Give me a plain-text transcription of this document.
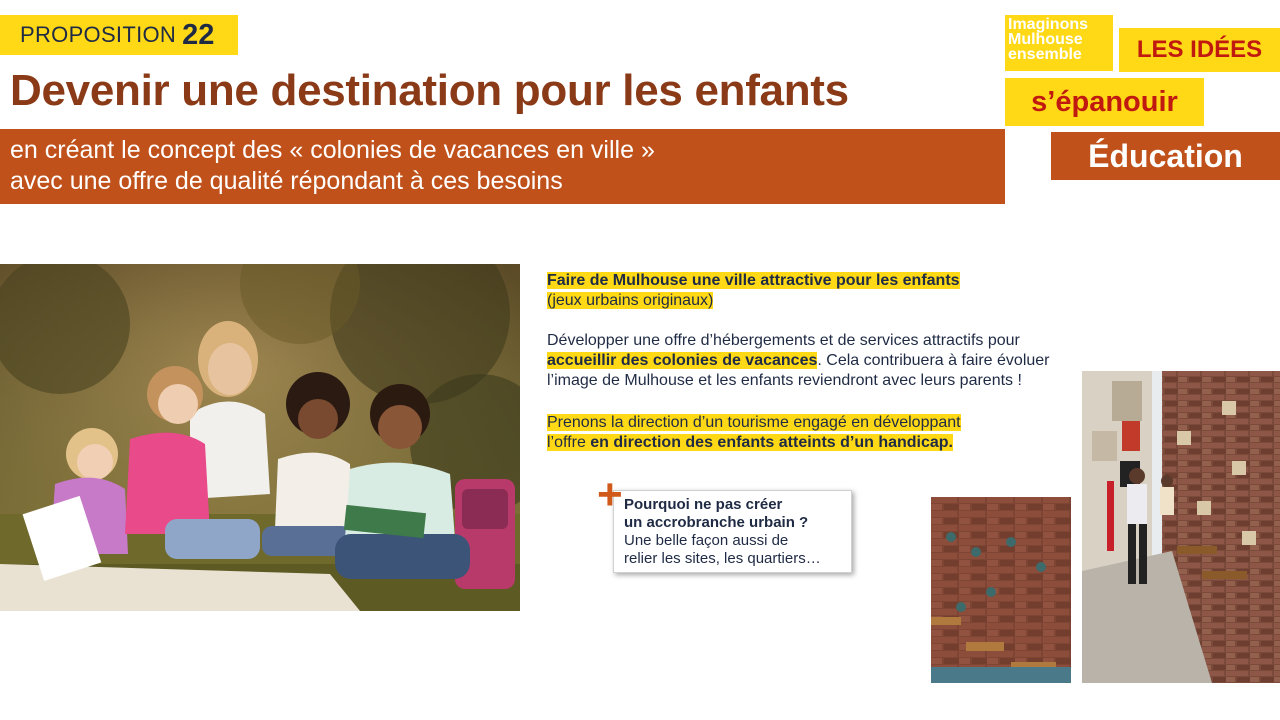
PROPOSITION 22
Devenir une destination pour les enfants
en créant le concept des « colonies de vacances en ville »
avec une offre de qualité répondant à ces besoins
Imaginons
Mulhouse
ensemble	LES IDÉES
s’épanouir
Éducation
Faire de Mulhouse une ville attractive pour les enfants
(jeux urbains originaux)
Développer une offre d’hébergements et de services attractifs pour
accueillir des colonies de vacances. Cela contribuera à faire évoluer
l’image de Mulhouse et les enfants reviendront avec leurs parents !
Prenons la direction d’un tourisme engagé en développant
l’offre en direction des enfants atteints d’un handicap.
Pourquoi ne pas créer
un accrobranche urbain ?
Une belle façon aussi de
relier les sites, les quartiers…
+
